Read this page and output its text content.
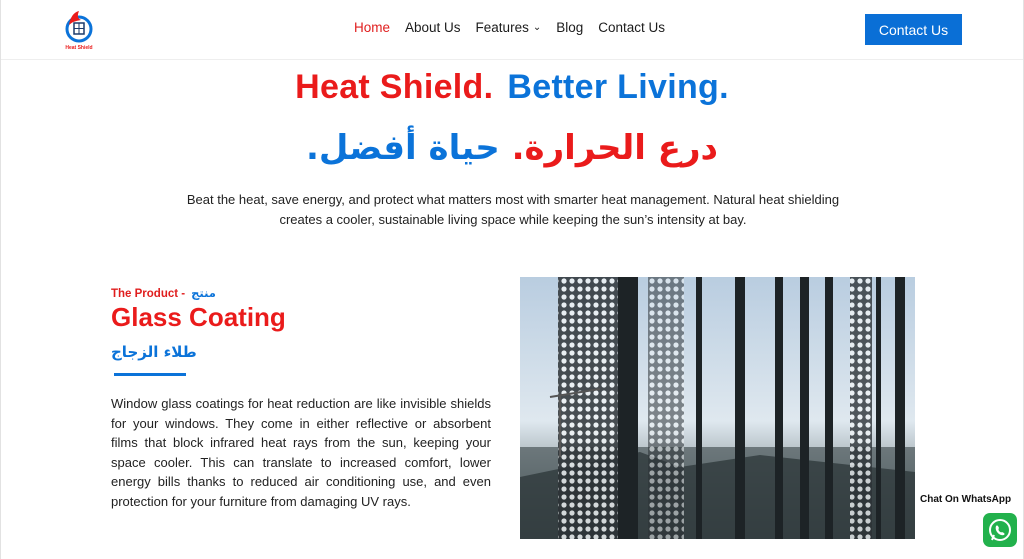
Heat Shield
Home About Us Features ⌄ Blog Contact Us	Contact Us
Heat Shield. Better Living.
درع الحرارة. حياة أفضل.

Beat the heat, save energy, and protect what matters most with smarter heat management. Natural heat shielding creates a cooler, sustainable living space while keeping the sun’s intensity at bay.

The Product - منتج
Glass Coating
طلاء الزجاج

Window glass coatings for heat reduction are like invisible shields for your windows. They come in either reflective or absorbent films that block infrared heat rays from the sun, keeping your space cooler. This can translate to increased comfort, lower energy bills thanks to reduced air conditioning use, and even protection for your furniture from damaging UV rays.	Chat On WhatsApp
